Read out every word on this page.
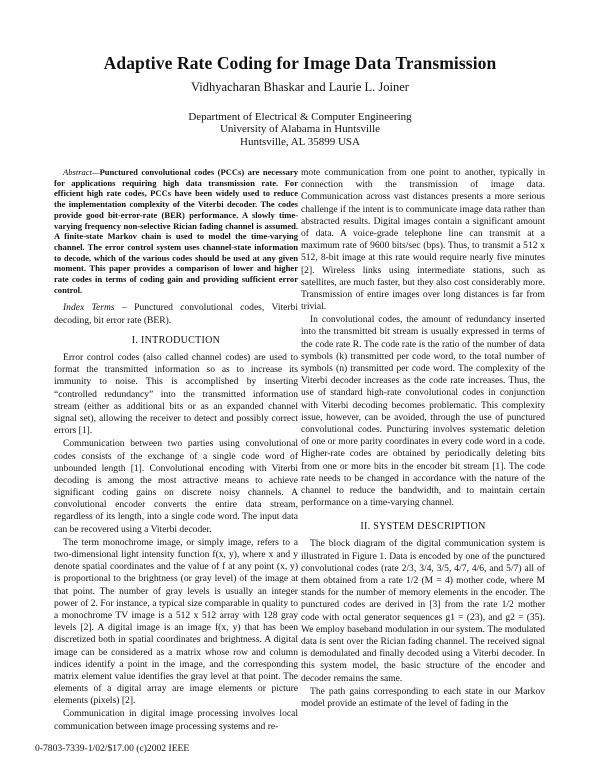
Adaptive Rate Coding for Image Data Transmission
Vidhyacharan Bhaskar and Laurie L. Joiner
Department of Electrical & Computer Engineering
University of Alabama in Huntsville
Huntsville, AL 35899 USA
Abstract—Punctured convolutional codes (PCCs) are necessary for applications requiring high data transmission rate. For efficient high rate codes, PCCs have been widely used to reduce the implementation complexity of the Viterbi decoder. The codes provide good bit-error-rate (BER) performance. A slowly time-varying frequency non-selective Rician fading channel is assumed. A finite-state Markov chain is used to model the time-varying channel. The error control system uses channel-state information to decode, which of the various codes should be used at any given moment. This paper provides a comparison of lower and higher rate codes in terms of coding gain and providing sufficient error control.
Index Terms – Punctured convolutional codes, Viterbi decoding, bit error rate (BER).
I. INTRODUCTION

Error control codes (also called channel codes) are used to format the transmitted information so as to increase its immunity to noise. This is accomplished by inserting “controlled redundancy” into the transmitted information stream (either as additional bits or as an expanded channel signal set), allowing the receiver to detect and possibly correct errors [1].

Communication between two parties using convolutional codes consists of the exchange of a single code word of unbounded length [1]. Convolutional encoding with Viterbi decoding is among the most attractive means to achieve significant coding gains on discrete noisy channels. A convolutional encoder converts the entire data stream, regardless of its length, into a single code word. The input data can be recovered using a Viterbi decoder.

The term monochrome image, or simply image, refers to a two-dimensional light intensity function f(x, y), where x and y denote spatial coordinates and the value of f at any point (x, y) is proportional to the brightness (or gray level) of the image at that point. The number of gray levels is usually an integer power of 2. For instance, a typical size comparable in quality to a monochrome TV image is a 512 x 512 array with 128 gray levels [2]. A digital image is an image f(x, y) that has been discretized both in spatial coordinates and brightness. A digital image can be considered as a matrix whose row and column indices identify a point in the image, and the corresponding matrix element value identifies the gray level at that point. The elements of a digital array are image elements or picture elements (pixels) [2].

Communication in digital image processing involves local communication between image processing systems and re-

mote communication from one point to another, typically in connection with the transmission of image data. Communication across vast distances presents a more serious challenge if the intent is to communicate image data rather than abstracted results. Digital images contain a significant amount of data. A voice-grade telephone line can transmit at a maximum rate of 9600 bits/sec (bps). Thus, to transmit a 512 x 512, 8-bit image at this rate would require nearly five minutes [2]. Wireless links using intermediate stations, such as satellites, are much faster, but they also cost considerably more. Transmission of entire images over long distances is far from trivial.

In convolutional codes, the amount of redundancy inserted into the transmitted bit stream is usually expressed in terms of the code rate R. The code rate is the ratio of the number of data symbols (k) transmitted per code word, to the total number of symbols (n) transmitted per code word. The complexity of the Viterbi decoder increases as the code rate increases. Thus, the use of standard high-rate convolutional codes in conjunction with Viterbi decoding becomes problematic. This complexity issue, however, can be avoided, through the use of punctured convolutional codes. Puncturing involves systematic deletion of one or more parity coordinates in every code word in a code. Higher-rate codes are obtained by periodically deleting bits from one or more bits in the encoder bit stream [1]. The code rate needs to be changed in accordance with the nature of the channel to reduce the bandwidth, and to maintain certain performance on a time-varying channel.

II. SYSTEM DESCRIPTION

The block diagram of the digital communication system is illustrated in Figure 1. Data is encoded by one of the punctured convolutional codes (rate 2/3, 3/4, 3/5, 4/7, 4/6, and 5/7) all of them obtained from a rate 1/2 (M = 4) mother code, where M stands for the number of memory elements in the encoder. The punctured codes are derived in [3] from the rate 1/2 mother code with octal generator sequences g1 = (23), and g2 = (35). We employ baseband modulation in our system. The modulated data is sent over the Rician fading channel. The received signal is demodulated and finally decoded using a Viterbi decoder. In this system model, the basic structure of the encoder and decoder remains the same.

The path gains corresponding to each state in our Markov model provide an estimate of the level of fading in the

0-7803-7339-1/02/$17.00 (c)2002 IEEE
